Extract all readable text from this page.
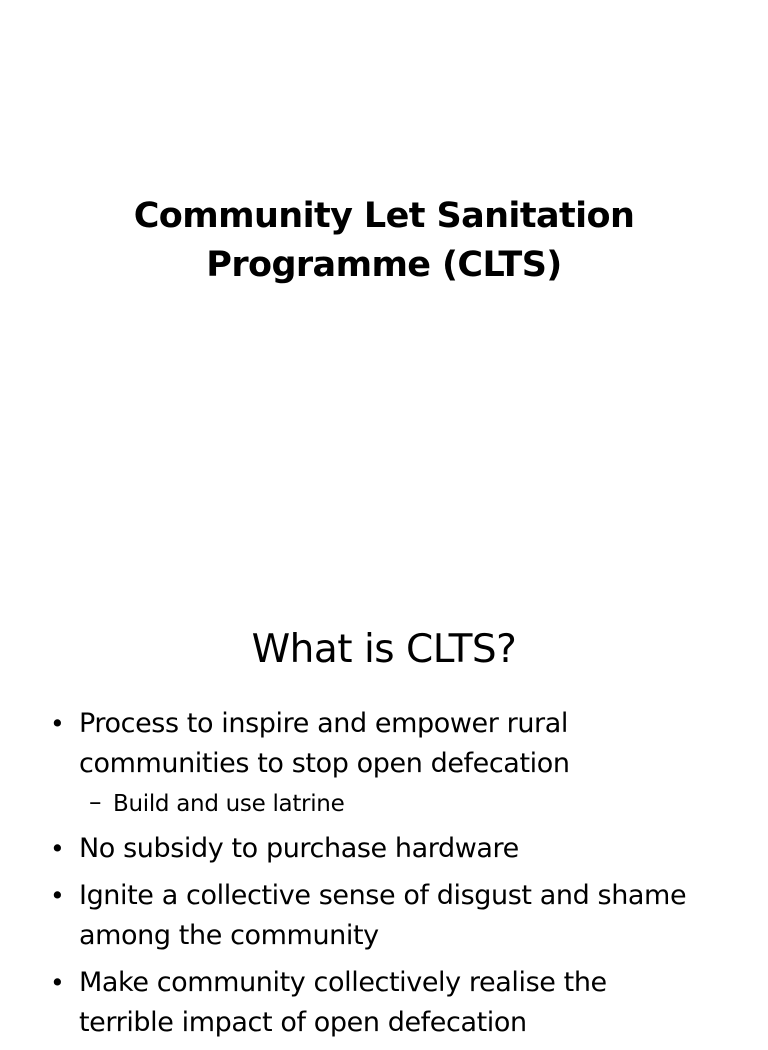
Community Let Sanitation
Programme (CLTS)
What is CLTS?
• Process to inspire and empower rural
communities to stop open defecation
– Build and use latrine
• No subsidy to purchase hardware
• Ignite a collective sense of disgust and shame
among the community
• Make community collectively realise the
terrible impact of open defecation
